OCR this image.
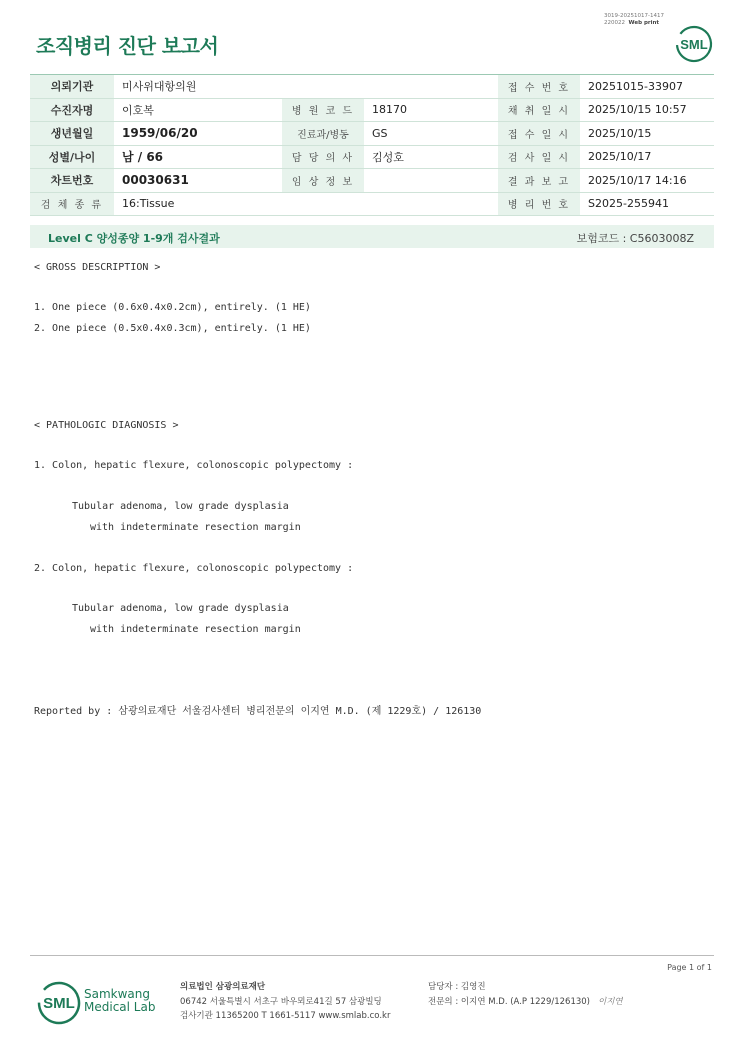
3019-20251017-1417
220022 Web print
조직병리 진단 보고서	SML
의뢰기관	미사위대항의원			접 수 번 호	20251015-33907
수진자명	이호복	병 원 코 드	18170	채 취 일 시	2025/10/15 10:57
생년월일	1959/06/20	진료과/병동	GS	접 수 일 시	2025/10/15
성별/나이	남 / 66	담 당 의 사	김성호	검 사 일 시	2025/10/17
차트번호	00030631	임 상 정 보		결 과 보 고	2025/10/17 14:16
검 체 종 류	16:Tissue			병 리 번 호	S2025-255941
Level C 양성종양 1-9개 검사결과	보험코드 : C5603008Z
< GROSS DESCRIPTION >
1. One piece (0.6x0.4x0.2cm), entirely. (1 HE)
2. One piece (0.5x0.4x0.3cm), entirely. (1 HE)
< PATHOLOGIC DIAGNOSIS >
1. Colon, hepatic flexure, colonoscopic polypectomy :
Tubular adenoma, low grade dysplasia
with indeterminate resection margin
2. Colon, hepatic flexure, colonoscopic polypectomy :
Tubular adenoma, low grade dysplasia
with indeterminate resection margin
Reported by : 삼광의료재단 서울검사센터 병리전문의 이지연 M.D. (제 1229호) / 126130
Page 1 of 1
SML
Samkwang
Medical Lab
의료법인 삼광의료재단
06742 서울특별시 서초구 바우뫼로41길 57 삼광빌딩
검사기관 11365200 T 1661-5117 www.smlab.co.kr
담당자 : 김영진
전문의 : 이지연 M.D. (A.P 1229/126130) 이지연
